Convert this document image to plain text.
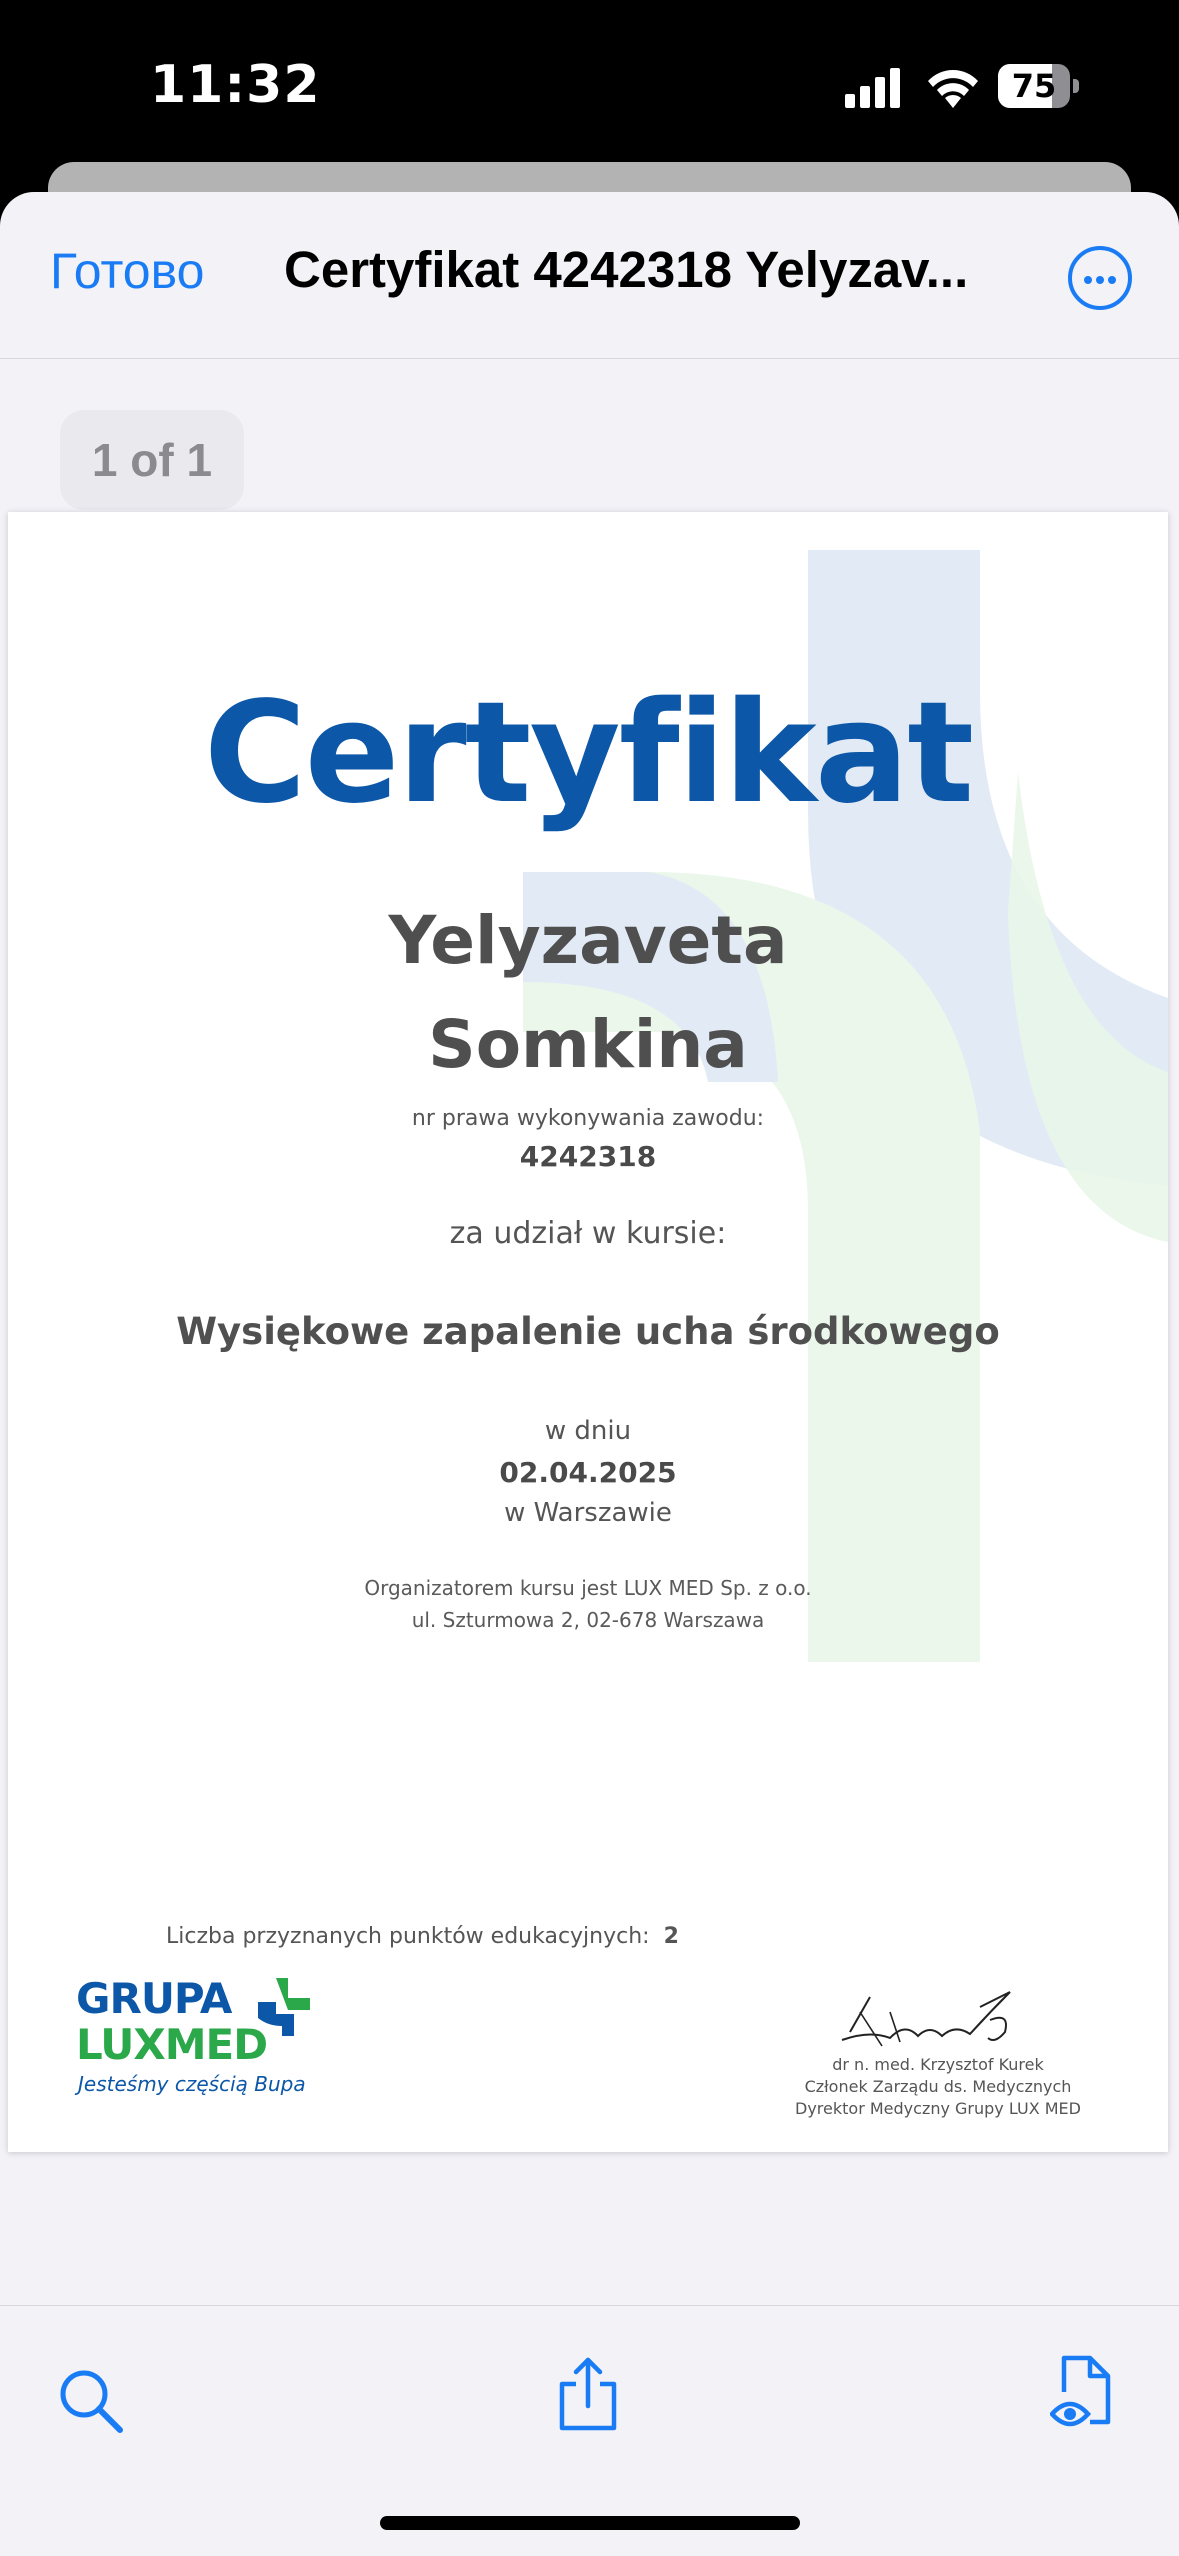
11:32	75
Готово Certyfikat 4242318 Yelyzav...
1 of 1
Certyfikat
Yelyzaveta
Somkina
nr prawa wykonywania zawodu:
4242318
za udział w kursie:
Wysiękowe zapalenie ucha środkowego
w dniu
02.04.2025
w Warszawie
Organizatorem kursu jest LUX MED Sp. z o.o.
ul. Szturmowa 2, 02-678 Warszawa
Liczba przyznanych punktów edukacyjnych: 2
dr n. med. Krzysztof Kurek
Członek Zarządu ds. Medycznych
Dyrektor Medyczny Grupy LUX MED
GRUPA
LUXMED
Jesteśmy częścią Bupa
